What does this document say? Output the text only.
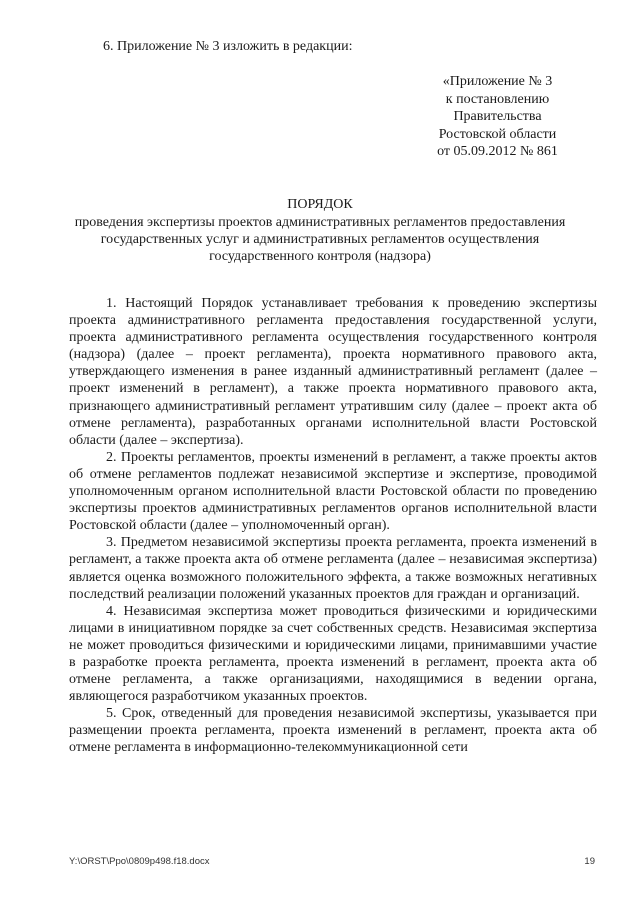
6. Приложение № 3 изложить в редакции:
«Приложение № 3
к постановлению
Правительства
Ростовской области
от 05.09.2012 № 861
ПОРЯДОК
проведения экспертизы проектов административных регламентов предоставления государственных услуг и административных регламентов осуществления государственного контроля (надзора)

1. Настоящий Порядок устанавливает требования к проведению экспертизы проекта административного регламента предоставления государственной услуги, проекта административного регламента осуществления государственного контроля (надзора) (далее – проект регламента), проекта нормативного правового акта, утверждающего изменения в ранее изданный административный регламент (далее – проект изменений в регламент), а также проекта нормативного правового акта, признающего административный регламент утратившим силу (далее – проект акта об отмене регламента), разработанных органами исполнительной власти Ростовской области (далее – экспертиза).

2. Проекты регламентов, проекты изменений в регламент, а также проекты актов об отмене регламентов подлежат независимой экспертизе и экспертизе, проводимой уполномоченным органом исполнительной власти Ростовской области по проведению экспертизы проектов административных регламентов органов исполнительной власти Ростовской области (далее – уполномоченный орган).

3. Предметом независимой экспертизы проекта регламента, проекта изменений в регламент, а также проекта акта об отмене регламента (далее – независимая экспертиза) является оценка возможного положительного эффекта, а также возможных негативных последствий реализации положений указанных проектов для граждан и организаций.

4. Независимая экспертиза может проводиться физическими и юридическими лицами в инициативном порядке за счет собственных средств. Независимая экспертиза не может проводиться физическими и юридическими лицами, принимавшими участие в разработке проекта регламента, проекта изменений в регламент, проекта акта об отмене регламента, а также организациями, находящимися в ведении органа, являющегося разработчиком указанных проектов.

5. Срок, отведенный для проведения независимой экспертизы, указывается при размещении проекта регламента, проекта изменений в регламент, проекта акта об отмене регламента в информационно-телекоммуникационной сети

Y:\ORST\Ppo\0809p498.f18.docx	19
